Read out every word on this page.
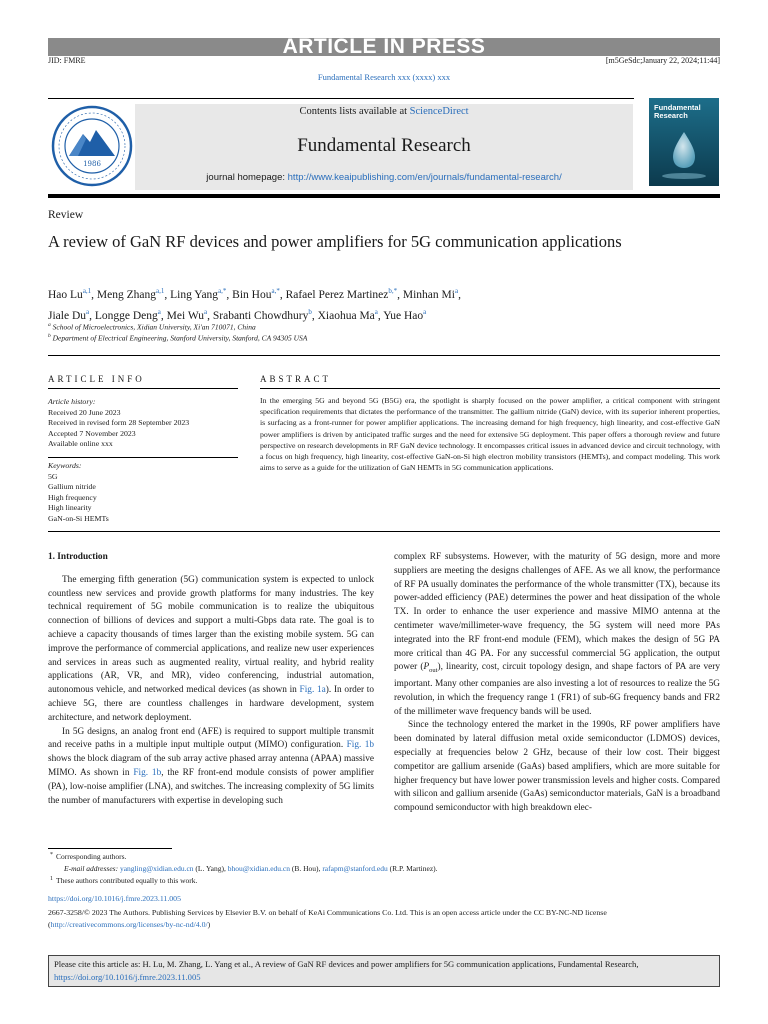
ARTICLE IN PRESS
JID: FMRE	[m5GeSdc;January 22, 2024;11:44]
Fundamental Research xxx (xxxx) xxx
Contents lists available at ScienceDirect
Fundamental Research
journal homepage: http://www.keaipublishing.com/en/journals/fundamental-research/
1986
Fundamental
Research
Review
A review of GaN RF devices and power amplifiers for 5G communication applications
Hao Lu$^{a,1}$, Meng Zhang$^{a,1}$, Ling Yang$^{a,*}$, Bin Hou$^{a,*}$, Rafael Perez Martinez$^{b,*}$, Minhan Mi$^a$,
Jiale Du$^a$, Longge Deng$^a$, Mei Wu$^a$, Srabanti Chowdhury$^b$, Xiaohua Ma$^a$, Yue Hao$^a$
$^a$ School of Microelectronics, Xidian University, Xi'an 710071, China
$^b$ Department of Electrical Engineering, Stanford University, Stanford, CA 94305 USA
ARTICLE INFO	ABSTRACT
Article history:
Received 20 June 2023
Received in revised form 28 September 2023
Accepted 7 November 2023
Available online xxx
Keywords:
5G
Gallium nitride
High frequency
High linearity
GaN-on-Si HEMTs
In the emerging 5G and beyond 5G (B5G) era, the spotlight is sharply focused on the power amplifier, a critical component with stringent specification requirements that dictates the performance of the transmitter. The gallium nitride (GaN) device, with its superior inherent properties, is surfacing as a front-runner for power amplifier applications. The increasing demand for high frequency, high linearity, and cost-effective GaN power amplifiers is driven by anticipated traffic surges and the need for extensive 5G deployment. This paper offers a thorough review and future perspective on research developments in RF GaN device technology. It encompasses critical issues in advanced device and circuit technology, with a focus on high frequency, high linearity, cost-effective GaN-on-Si high electron mobility transistors (HEMTs), and compact modeling. This work aims to serve as a guide for the utilization of GaN HEMTs in 5G communication applications.
1. Introduction

The emerging fifth generation (5G) communication system is expected to unlock countless new services and provide growth platforms for many industries. The key technical requirement of 5G mobile communication is to realize the ubiquitous connection of billions of devices and support a multi-Gbps data rate. The goal is to achieve a capacity thousands of times larger than the existing mobile system. 5G can improve the performance of commercial applications, and realize new user experiences and services in areas such as augmented reality, virtual reality, and hybrid reality applications (AR, VR, and MR), video conferencing, industrial automation, autonomous vehicle, and networked medical devices (as shown in Fig. 1a). In order to achieve 5G, there are countless challenges in hardware development, system architecture, and network deployment.

In 5G designs, an analog front end (AFE) is required to support multiple transmit and receive paths in a multiple input multiple output (MIMO) configuration. Fig. 1b shows the block diagram of the sub array active phased array antenna (APAA) massive MIMO. As shown in Fig. 1b, the RF front-end module consists of power amplifier (PA), low-noise amplifier (LNA), and switches. The increasing complexity of 5G limits the number of manufacturers with expertise in developing such

complex RF subsystems. However, with the maturity of 5G design, more and more suppliers are meeting the designs challenges of AFE. As we all know, the performance of RF PA usually dominates the performance of the whole transmitter (TX), because its power-added efficiency (PAE) determines the power and heat dissipation of the whole TX. In order to enhance the user experience and massive MIMO antenna at the centimeter wave/millimeter-wave frequency, the 5G system will need more PAs integrated into the RF front-end module (FEM), which makes the design of 5G PA more critical than 4G PA. For any successful commercial 5G application, the output power $(P_{out})$, linearity, cost, circuit topology design, and shape factors of PA are very important. Many other companies are also investing a lot of resources to realize the 5G revolution, in which the frequency range 1 (FR1) of sub-6G frequency bands and FR2 of the millimeter wave frequency bands will be used.

Since the technology entered the market in the 1990s, RF power amplifiers have been dominated by lateral diffusion metal oxide semiconductor (LDMOS) devices, especially at frequencies below 2 GHz, because of their low cost. Their biggest competitor are gallium arsenide (GaAs) based amplifiers, which are more suitable for higher frequency but have lower power transmission levels and higher costs. Compared with silicon and gallium arsenide (GaAs) semiconductor materials, GaN is a broadband compound semiconductor with high breakdown elec-

* Corresponding authors.
E-mail addresses: yangling@xidian.edu.cn (L. Yang), bhou@xidian.edu.cn (B. Hou), rafapm@stanford.edu (R.P. Martinez).
1 These authors contributed equally to this work.
https://doi.org/10.1016/j.fmre.2023.11.005
2667-3258/© 2023 The Authors. Publishing Services by Elsevier B.V. on behalf of KeAi Communications Co. Ltd. This is an open access article under the CC BY-NC-ND license (http://creativecommons.org/licenses/by-nc-nd/4.0/)
Please cite this article as: H. Lu, M. Zhang, L. Yang et al., A review of GaN RF devices and power amplifiers for 5G communication applications, Fundamental Research, https://doi.org/10.1016/j.fmre.2023.11.005
